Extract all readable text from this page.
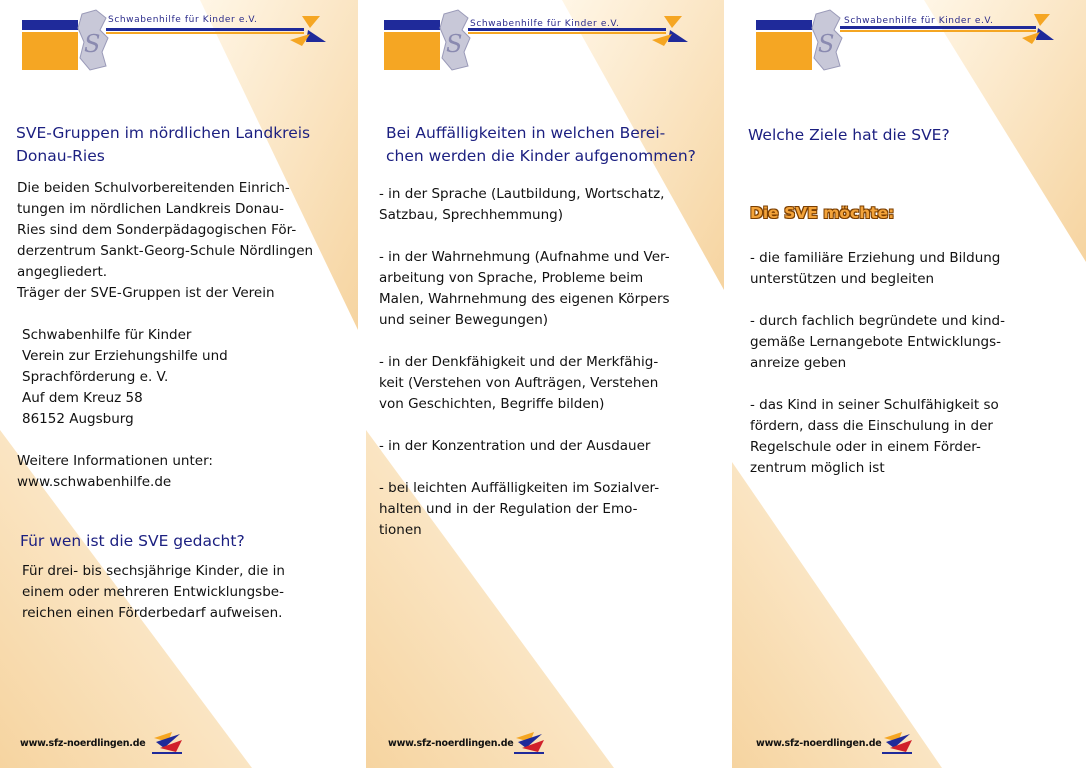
S
Schwabenhilfe für Kinder e.V.
SVE-Gruppen im nördlichen Landkreis
Donau-Ries

Die beiden Schulvorbereitenden Einrich-
tungen im nördlichen Landkreis Donau-
Ries sind dem Sonderpädagogischen För-
derzentrum Sankt-Georg-Schule Nördlingen
angegliedert.
Träger der SVE-Gruppen ist der Verein

Schwabenhilfe für Kinder
Verein zur Erziehungshilfe und
Sprachförderung e. V.
Auf dem Kreuz 58
86152 Augsburg

Weitere Informationen unter:
www.schwabenhilfe.de

Für wen ist die SVE gedacht?

Für drei- bis sechsjährige Kinder, die in
einem oder mehreren Entwicklungsbe-
reichen einen Förderbedarf aufweisen.

www.sfz-noerdlingen.de
S
Schwabenhilfe für Kinder e.V.
Bei Auffälligkeiten in welchen Berei-
chen werden die Kinder aufgenommen?
- in der Sprache (Lautbildung, Wortschatz,
Satzbau, Sprechhemmung)
- in der Wahrnehmung (Aufnahme und Ver-
arbeitung von Sprache, Probleme beim
Malen, Wahrnehmung des eigenen Körpers
und seiner Bewegungen)
- in der Denkfähigkeit und der Merkfähig-
keit (Verstehen von Aufträgen, Verstehen
von Geschichten, Begriffe bilden)
- in der Konzentration und der Ausdauer
- bei leichten Auffälligkeiten im Sozialver-
halten und in der Regulation der Emo-
tionen
www.sfz-noerdlingen.de
S
Schwabenhilfe für Kinder e.V.
Welche Ziele hat die SVE?
Die SVE möchte:
- die familiäre Erziehung und Bildung
unterstützen und begleiten
- durch fachlich begründete und kind-
gemäße Lernangebote Entwicklungs-
anreize geben
- das Kind in seiner Schulfähigkeit so
fördern, dass die Einschulung in der
Regelschule oder in einem Förder-
zentrum möglich ist
www.sfz-noerdlingen.de
